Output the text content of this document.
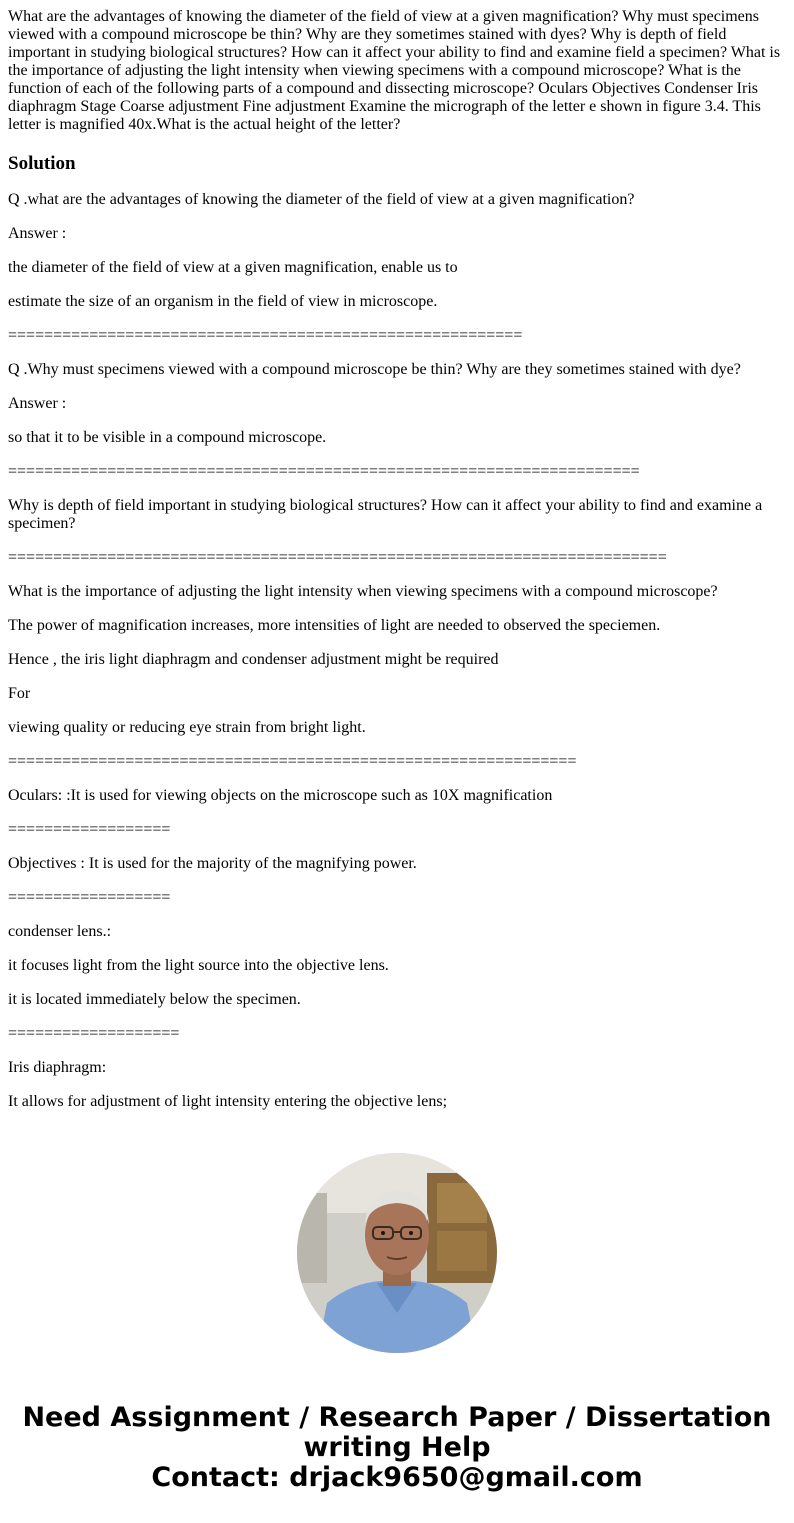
What are the advantages of knowing the diameter of the field of view at a given magnification? Why must specimens viewed with a compound microscope be thin? Why are they sometimes stained with dyes? Why is depth of field important in studying biological structures? How can it affect your ability to find and examine field a specimen? What is the importance of adjusting the light intensity when viewing specimens with a compound microscope? What is the function of each of the following parts of a compound and dissecting microscope? Oculars Objectives Condenser Iris diaphragm Stage Coarse adjustment Fine adjustment Examine the micrograph of the letter e shown in figure 3.4. This letter is magnified 40x.What is the actual height of the letter?
Solution

Q .what are the advantages of knowing the diameter of the field of view at a given magnification?

Answer :

the diameter of the field of view at a given magnification, enable us to

estimate the size of an organism in the field of view in microscope.

=========================================================

Q .Why must specimens viewed with a compound microscope be thin? Why are they sometimes stained with dye?

Answer :

so that it to be visible in a compound microscope.

======================================================================

Why is depth of field important in studying biological structures? How can it affect your ability to find and examine a specimen?

=========================================================================

What is the importance of adjusting the light intensity when viewing specimens with a compound microscope?

The power of magnification increases, more intensities of light are needed to observed the speciemen.

Hence , the iris light diaphragm and condenser adjustment might be required

For

viewing quality or reducing eye strain from bright light.

===============================================================

Oculars: :It is used for viewing objects on the microscope such as 10X magnification

==================

Objectives : It is used for the majority of the magnifying power.

==================

condenser lens.:

it focuses light from the light source into the objective lens.

it is located immediately below the specimen.

===================

Iris diaphragm:

It allows for adjustment of light intensity entering the objective lens;

Need Assignment / Research Paper / Dissertation
writing Help
Contact: drjack9650@gmail.com
